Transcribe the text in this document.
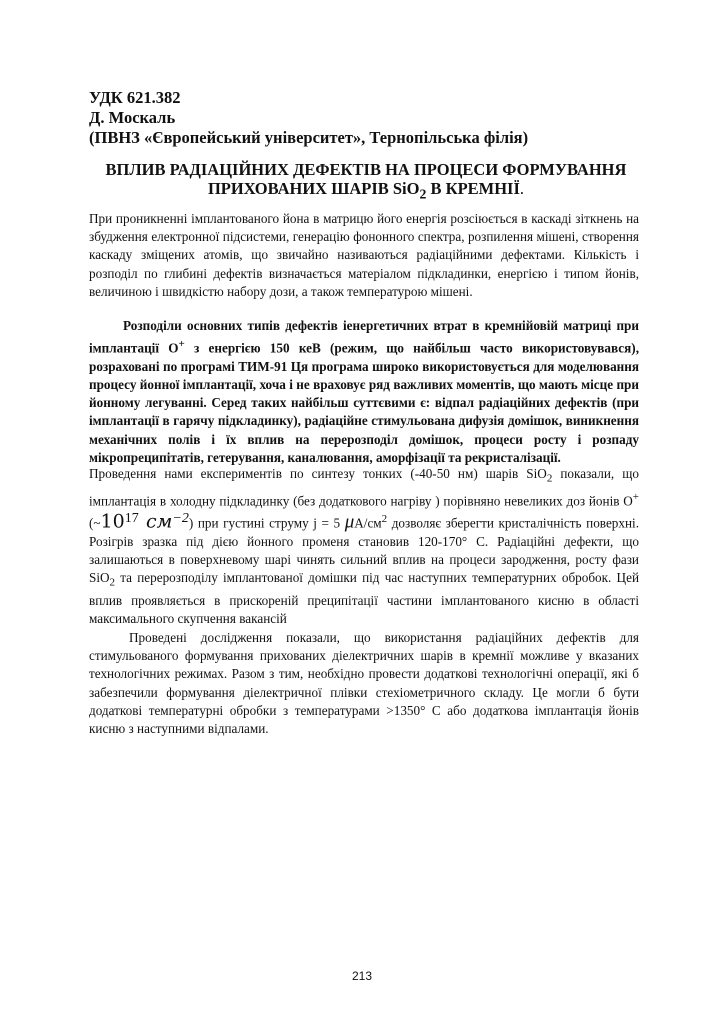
УДК 621.382
Д. Москаль
(ПВНЗ «Європейський університет», Тернопільська філія)
ВПЛИВ РАДІАЦІЙНИХ ДЕФЕКТІВ НА ПРОЦЕСИ ФОРМУВАННЯ
ПРИХОВАНИХ ШАРІВ SiO$_2$ В КРЕМНІЇ.
При проникненні імплантованого йона в матрицю його енергія розсіюється в каскаді зіткнень на збудження електронної підсистеми, генерацію фононного спектра, розпилення мішені, створення каскаду зміщених атомів, що звичайно називаються радіаційними дефектами. Кількість і розподіл по глибині дефектів визначається матеріалом підкладинки, енергією і типом йонів, величиною і швидкістю набору дози, а також температурою мішені.
Розподіли основних типів дефектів іенергетичних втрат в кремнійовій матриці при імплантації O+ з енергією 150 кеВ (режим, що найбільш часто використовувався), розраховані по програмі ТИМ-91 Ця програма широко використовується для моделювання процесу йонної імплантації, хоча і не враховує ряд важливих моментів, що мають місце при йонному легуванні. Серед таких найбільш суттєвими є: відпал радіаційних дефектів (при імплантації в гарячу підкладинку), радіаційне стимульована дифузія домішок, виникнення механічних полів і їх вплив на перерозподіл домішок, процеси росту і розпаду мікропреципітатів, гетерування, каналювання, аморфізації та рекристалізації.
Проведення нами експериментів по синтезу тонких (-40-50 нм) шарів SiO$_2$ показали, що імплантація в холодну підкладинку (без додаткового нагріву ) порівняно невеликих доз йонів O+ ($\sim 10^{17}$ $см^{-2}$) при густині струму j = 5 $\mu А/см^2$ дозволяє зберегти кристалічність поверхні. Розігрів зразка під дією йонного променя становив 120-170° С. Радіаційні дефекти, що залишаються в поверхневому шарі чинять сильний вплив на процеси зародження, росту фази SiO$_2$ та перерозподілу імплантованої домішки під час наступних температурних обробок. Цей вплив проявляється в прискореній преципітації частини імплантованого кисню в області максимального скупчення вакансій
Проведені дослідження показали, що використання радіаційних дефектів для стимульованого формування прихованих діелектричних шарів в кремнії можливе у вказаних технологічних режимах. Разом з тим, необхідно провести додаткові технологічні операції, які б забезпечили формування діелектричної плівки стехіометричного складу. Це могли б бути додаткові температурні обробки з температурами >1350° С або додаткова імплантація йонів кисню з наступними відпалами.
213
